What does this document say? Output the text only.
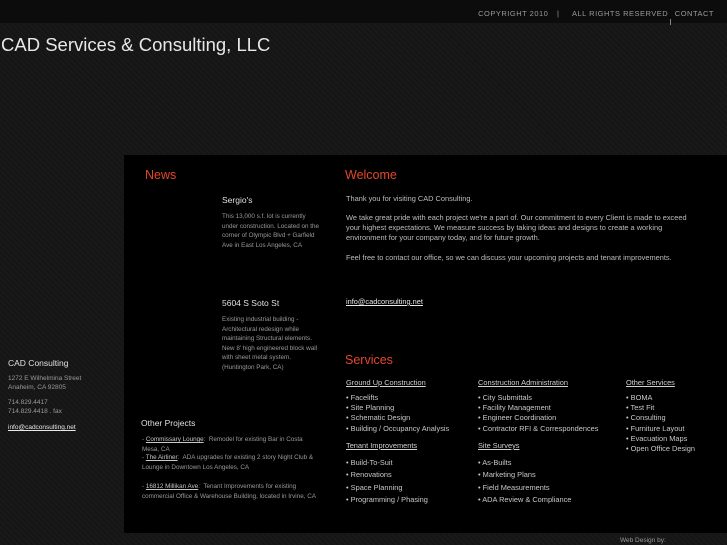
COPYRIGHT 2010 | ALL RIGHTS RESERVED CONTACT
CAD Services & Consulting, LLC
News
Sergio's
This 13,000 s.f. lot is currently under construction. Located on the corner of Olympic Blvd + Garfield Ave in East Los Angeles, CA
5604 S Soto St
Existing industrial building - Architectural redesign while maintaining Structural elements. New 8' high engineered block wall with sheet metal system. (Huntington Park, CA)
Welcome
Thank you for visiting CAD Consulting.
We take great pride with each project we're a part of. Our commitment to every Client is made to exceed your highest expectations. We measure success by taking ideas and designs to create a working environment for your company today, and for future growth.
Feel free to contact our office, so we can discuss your upcoming projects and tenant improvements.
info@cadconsulting.net
Services
Ground Up Construction
• Facelifts
• Site Planning
• Schematic Design
• Building / Occupancy Analysis
Tenant Improvements
• Build-To-Suit
• Renovations
• Space Planning
• Programming / Phasing
Construction Administration
• City Submittals
• Facility Management
• Engineer Coordination
• Contractor RFI & Correspondences
Site Surveys
• As-Builts
• Marketing Plans
• Field Measurements
• ADA Review & Compliance
Other Services
• BOMA
• Test Fit
• Consulting
• Furniture Layout
• Evacuation Maps
• Open Office Design
CAD Consulting
1272 E Wilhelmina Street
Anaheim, CA 92805
714.829.4417
714.829.4418 . fax
info@cadconsulting.net	Other Projects
- Commissary Lounge:  Remodel for existing Bar in Costa Mesa, CA
- The Airliner:  ADA upgrades for existing 2 story Night Club & Lounge in Downtown Los Angeles, CA
- 16812 Millikan Ave:  Tenant Improvements for existing commercial Office & Warehouse Building, located in Irvine, CA
Web Design by:
